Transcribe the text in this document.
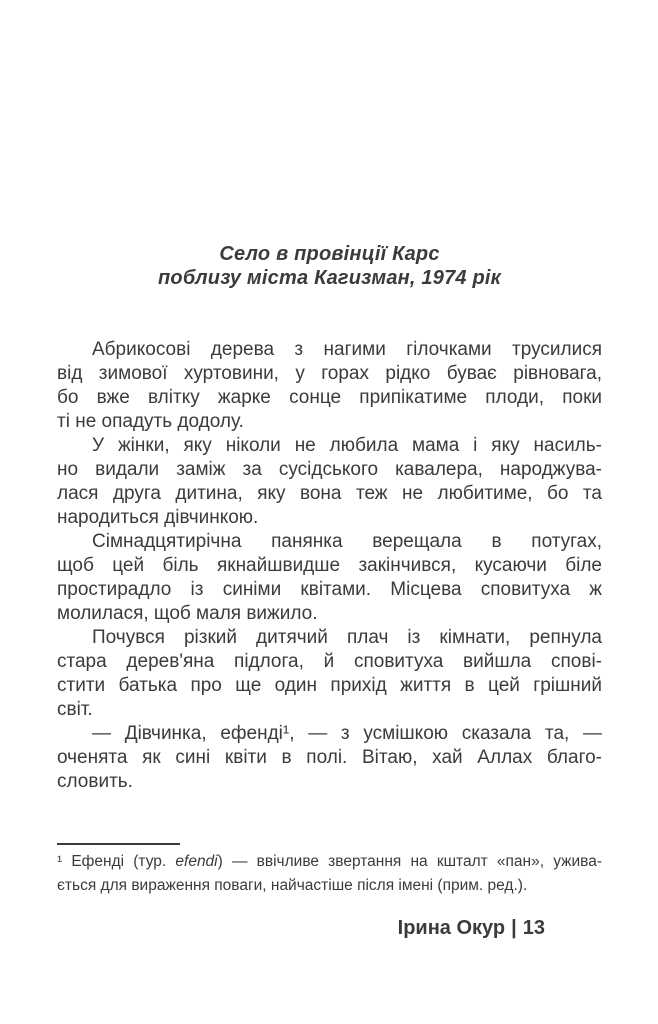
Село в провінції Карс
поблизу міста Кагизман, 1974 рік
Абрикосові дерева з нагими гілочками трусилися
від зимової хуртовини, у горах рідко буває рівновага,
бо вже влітку жарке сонце припікатиме плоди, поки
ті не опадуть додолу.
У жінки, яку ніколи не любила мама і яку насиль-
но видали заміж за сусідського кавалера, народжува-
лася друга дитина, яку вона теж не любитиме, бо та
народиться дівчинкою.
Сімнадцятирічна панянка верещала в потугах,
щоб цей біль якнайшвидше закінчився, кусаючи біле
простирадло із синіми квітами. Місцева сповитуха ж
молилася, щоб маля вижило.
Почувся різкий дитячий плач із кімнати, репнула
стара дерев'яна підлога, й сповитуха вийшла спові-
стити батька про ще один прихід життя в цей грішний
світ.
— Дівчинка, ефенді¹, — з усмішкою сказала та, —
оченята як сині квіти в полі. Вітаю, хай Аллах благо-
словить.
¹ Ефенді (тур. efendi) — ввічливе звертання на кшталт «пан», ужива-
ється для вираження поваги, найчастіше після імені (прим. ред.).
Ірина Окур | 13
